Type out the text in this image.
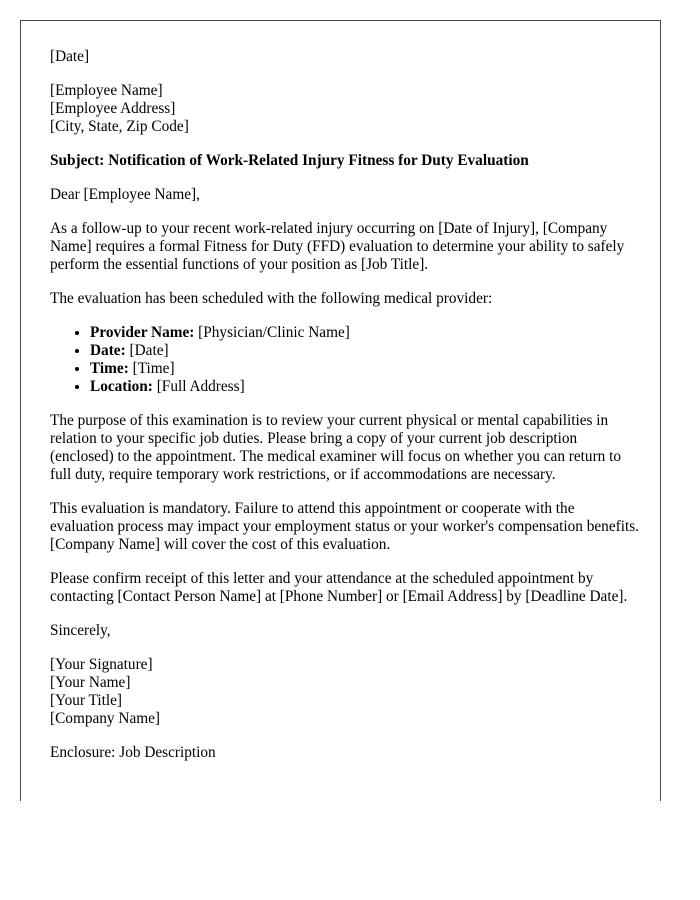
[Date]
[Employee Name]
[Employee Address]
[City, State, Zip Code]
Subject: Notification of Work-Related Injury Fitness for Duty Evaluation

Dear [Employee Name],

As a follow-up to your recent work-related injury occurring on [Date of Injury], [Company Name] requires a formal Fitness for Duty (FFD) evaluation to determine your ability to safely perform the essential functions of your position as [Job Title].

The evaluation has been scheduled with the following medical provider:

• Provider Name: [Physician/Clinic Name]
• Date: [Date]
• Time: [Time]
• Location: [Full Address]

The purpose of this examination is to review your current physical or mental capabilities in relation to your specific job duties. Please bring a copy of your current job description (enclosed) to the appointment. The medical examiner will focus on whether you can return to full duty, require temporary work restrictions, or if accommodations are necessary.

This evaluation is mandatory. Failure to attend this appointment or cooperate with the evaluation process may impact your employment status or your worker's compensation benefits. [Company Name] will cover the cost of this evaluation.

Please confirm receipt of this letter and your attendance at the scheduled appointment by contacting [Contact Person Name] at [Phone Number] or [Email Address] by [Deadline Date].

Sincerely,

[Your Signature]
[Your Name]
[Your Title]
[Company Name]

Enclosure: Job Description
